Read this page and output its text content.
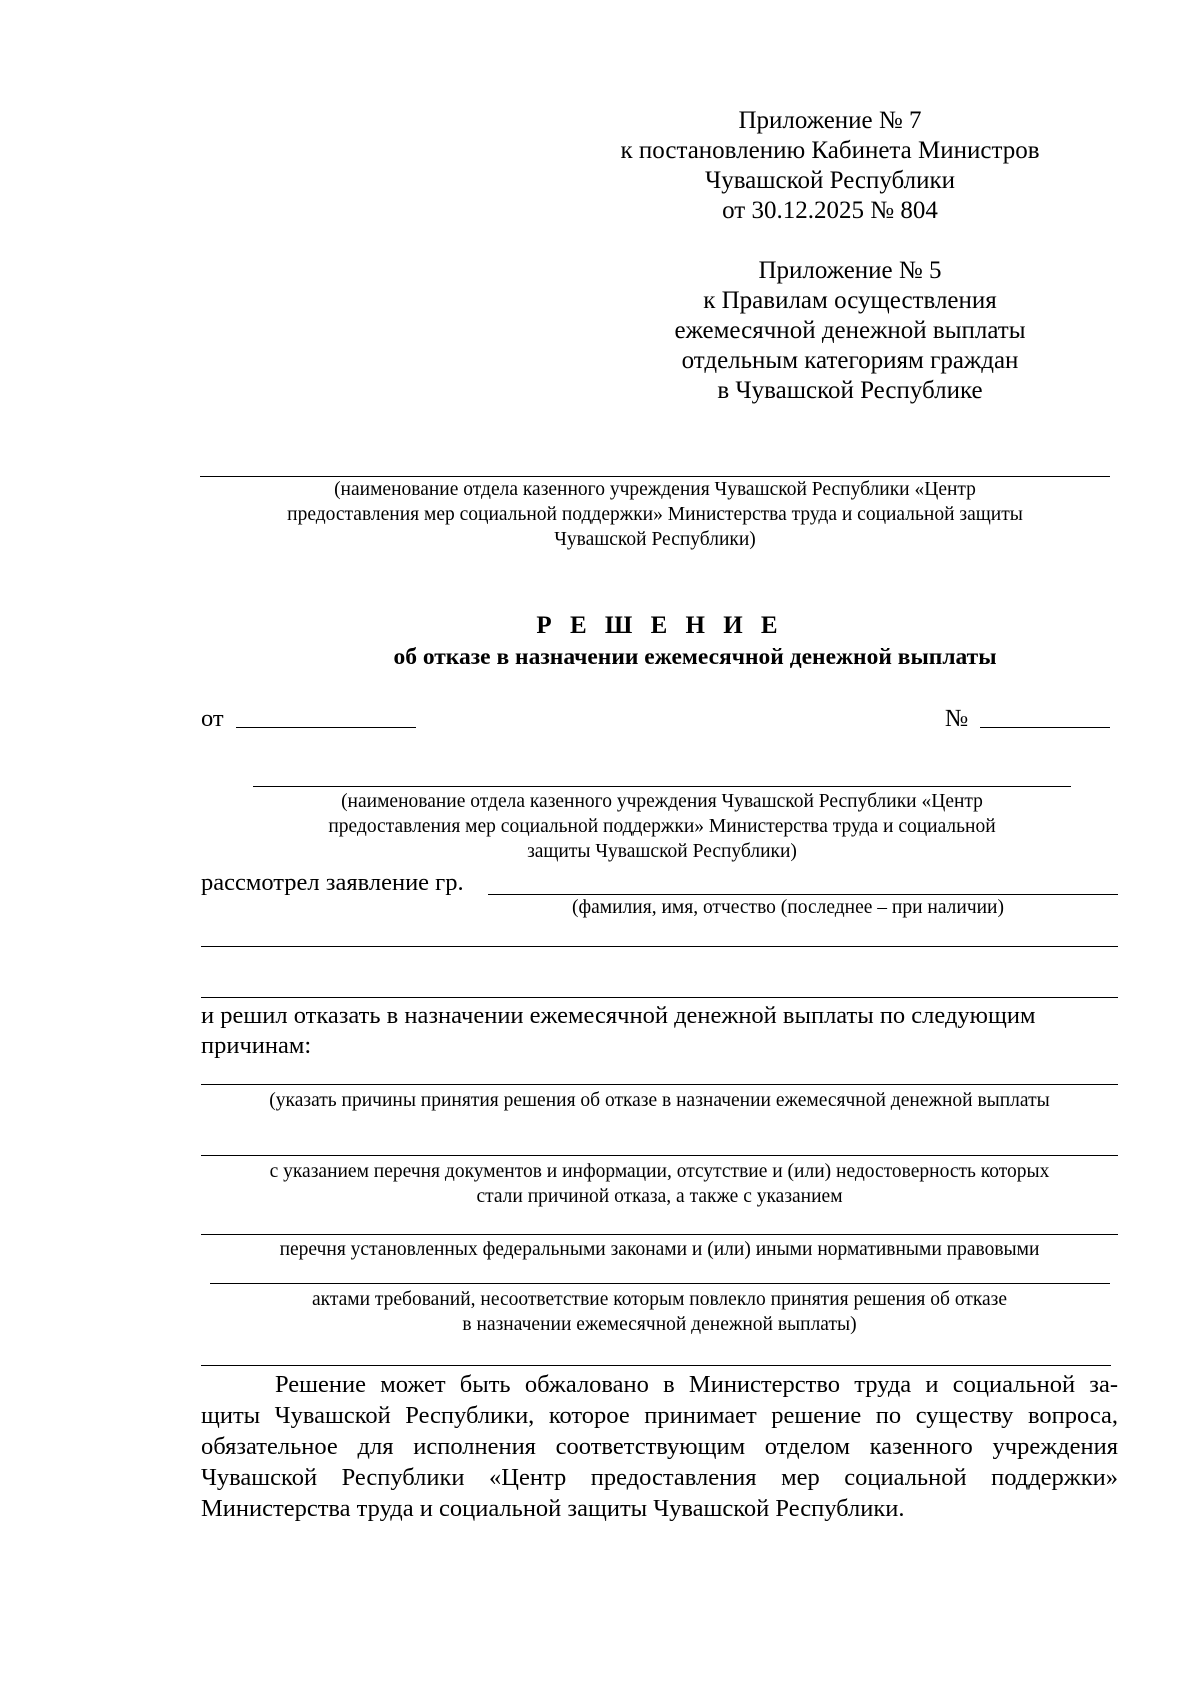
Приложение № 7
к постановлению Кабинета Министров
Чувашской Республики
от 30.12.2025 № 804
Приложение № 5
к Правилам осуществления
ежемесячной денежной выплаты
отдельным категориям граждан
в Чувашской Республике
(наименование отдела казенного учреждения Чувашской Республики «Центр
предоставления мер социальной поддержки» Министерства труда и социальной защиты
Чувашской Республики)
Р Е Ш Е Н И Е
об отказе в назначении ежемесячной денежной выплаты
от	№
(наименование отдела казенного учреждения Чувашской Республики «Центр
предоставления мер социальной поддержки» Министерства труда и социальной
защиты Чувашской Республики)
рассмотрел заявление гр.
(фамилия, имя, отчество (последнее – при наличии)
и решил отказать в назначении ежемесячной денежной выплаты по следующим
причинам:
(указать причины принятия решения об отказе в назначении ежемесячной денежной выплаты
с указанием перечня документов и информации, отсутствие и (или) недостоверность которых
стали причиной отказа, а также с указанием
перечня установленных федеральными законами и (или) иными нормативными правовыми
актами требований, несоответствие которым повлекло принятия решения об отказе
в назначении ежемесячной денежной выплаты)
Решение может быть обжаловано в Министерство труда и социальной за-
щиты Чувашской Республики, которое принимает решение по существу вопроса,
обязательное для исполнения соответствующим отделом казенного учреждения
Чувашской Республики «Центр предоставления мер социальной поддержки»
Министерства труда и социальной защиты Чувашской Республики.
